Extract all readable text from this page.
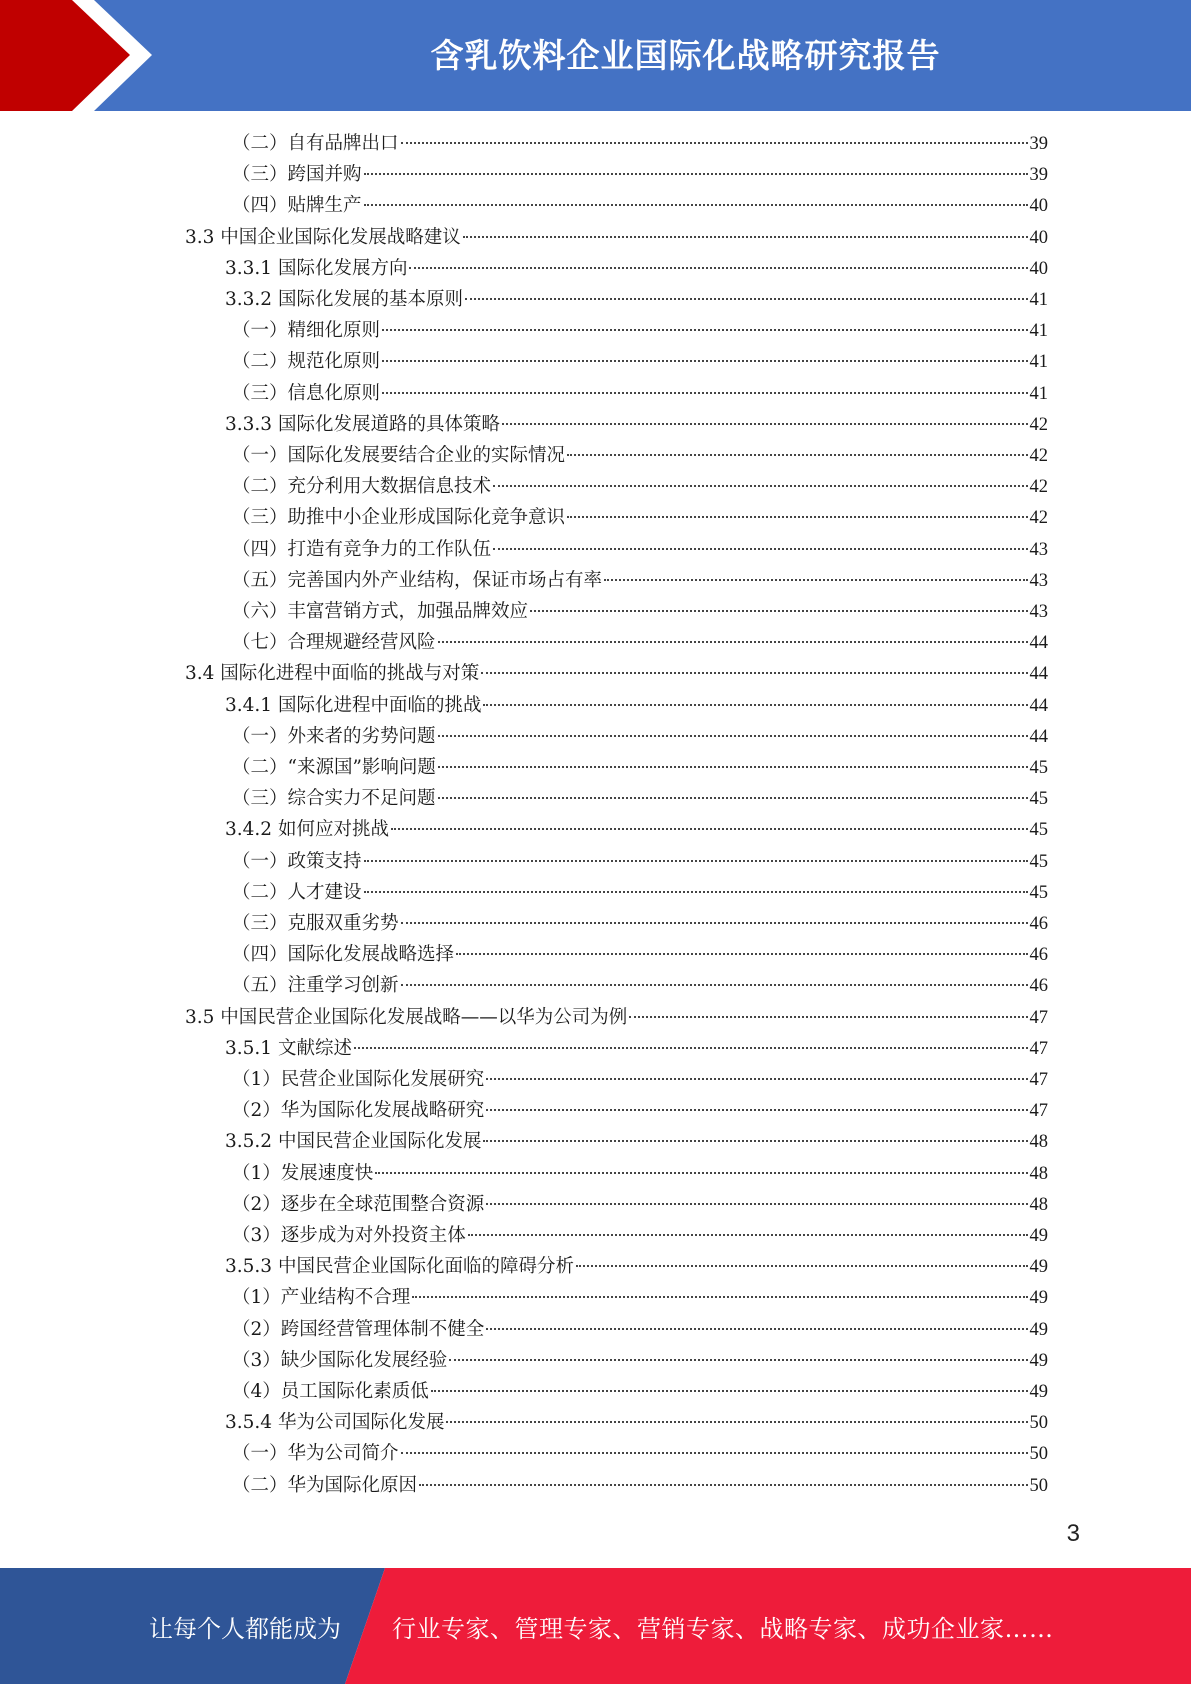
含乳饮料企业国际化战略研究报告
（二）自有品牌出口	39
（三）跨国并购	39
（四）贴牌生产	40
3.3 中国企业国际化发展战略建议	40
3.3.1 国际化发展方向	40
3.3.2 国际化发展的基本原则	41
（一）精细化原则	41
（二）规范化原则	41
（三）信息化原则	41
3.3.3 国际化发展道路的具体策略	42
（一）国际化发展要结合企业的实际情况	42
（二）充分利用大数据信息技术	42
（三）助推中小企业形成国际化竞争意识	42
（四）打造有竞争力的工作队伍	43
（五）完善国内外产业结构，保证市场占有率	43
（六）丰富营销方式，加强品牌效应	43
（七）合理规避经营风险	44
3.4 国际化进程中面临的挑战与对策	44
3.4.1 国际化进程中面临的挑战	44
（一）外来者的劣势问题	44
（二）“来源国”影响问题	45
（三）综合实力不足问题	45
3.4.2 如何应对挑战	45
（一）政策支持	45
（二）人才建设	45
（三）克服双重劣势	46
（四）国际化发展战略选择	46
（五）注重学习创新	46
3.5 中国民营企业国际化发展战略——以华为公司为例	47
3.5.1 文献综述	47
（1）民营企业国际化发展研究	47
（2）华为国际化发展战略研究	47
3.5.2 中国民营企业国际化发展	48
（1）发展速度快	48
（2）逐步在全球范围整合资源	48
（3）逐步成为对外投资主体	49
3.5.3 中国民营企业国际化面临的障碍分析	49
（1）产业结构不合理	49
（2）跨国经营管理体制不健全	49
（3）缺少国际化发展经验	49
（4）员工国际化素质低	49
3.5.4 华为公司国际化发展	50
（一）华为公司简介	50
（二）华为国际化原因	50
3
让每个人都能成为	行业专家、管理专家、营销专家、战略专家、成功企业家……
